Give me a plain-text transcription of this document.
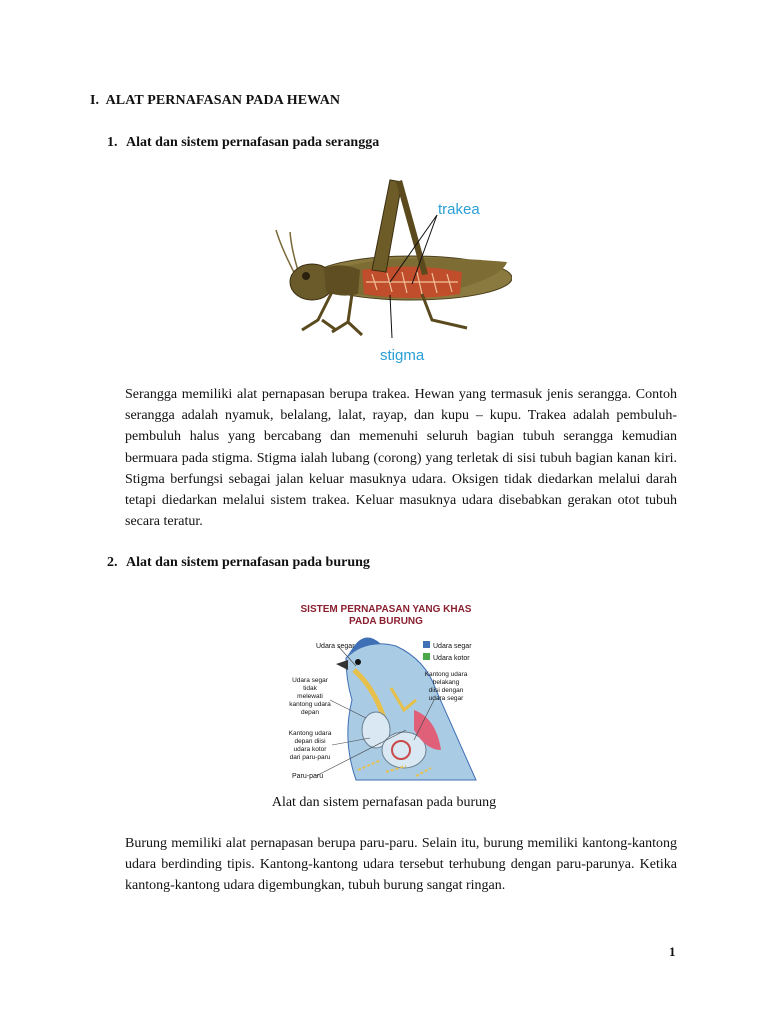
I. ALAT PERNAFASAN PADA HEWAN
1. Alat dan sistem pernafasan pada serangga
trakea
stigma
Serangga memiliki alat pernapasan berupa trakea. Hewan yang termasuk jenis serangga. Contoh serangga adalah nyamuk, belalang, lalat, rayap, dan kupu – kupu. Trakea adalah pembuluh-pembuluh halus yang bercabang dan memenuhi seluruh bagian tubuh serangga kemudian bermuara pada stigma. Stigma ialah lubang (corong) yang terletak di sisi tubuh bagian kanan kiri. Stigma berfungsi sebagai jalan keluar masuknya udara. Oksigen tidak diedarkan melalui darah tetapi diedarkan melalui sistem trakea. Keluar masuknya udara disebabkan gerakan otot tubuh secara teratur.
2. Alat dan sistem pernafasan pada burung
SISTEM PERNAPASAN YANG KHAS
PADA BURUNG
Udara segar
Udara kotor
Udara segar
Udara segar
tidak
melewati
kantong udara
depan
Kantong udara
depan diisi
udara kotor
dari paru-paru
Paru-paru
Kantong udara
belakang
diisi dengan
udara segar
Alat dan sistem pernafasan pada burung
Burung memiliki alat pernapasan berupa paru-paru. Selain itu, burung memiliki kantong-kantong udara berdinding tipis. Kantong-kantong udara tersebut terhubung dengan paru-parunya. Ketika kantong-kantong udara digembungkan, tubuh burung sangat ringan.
1
